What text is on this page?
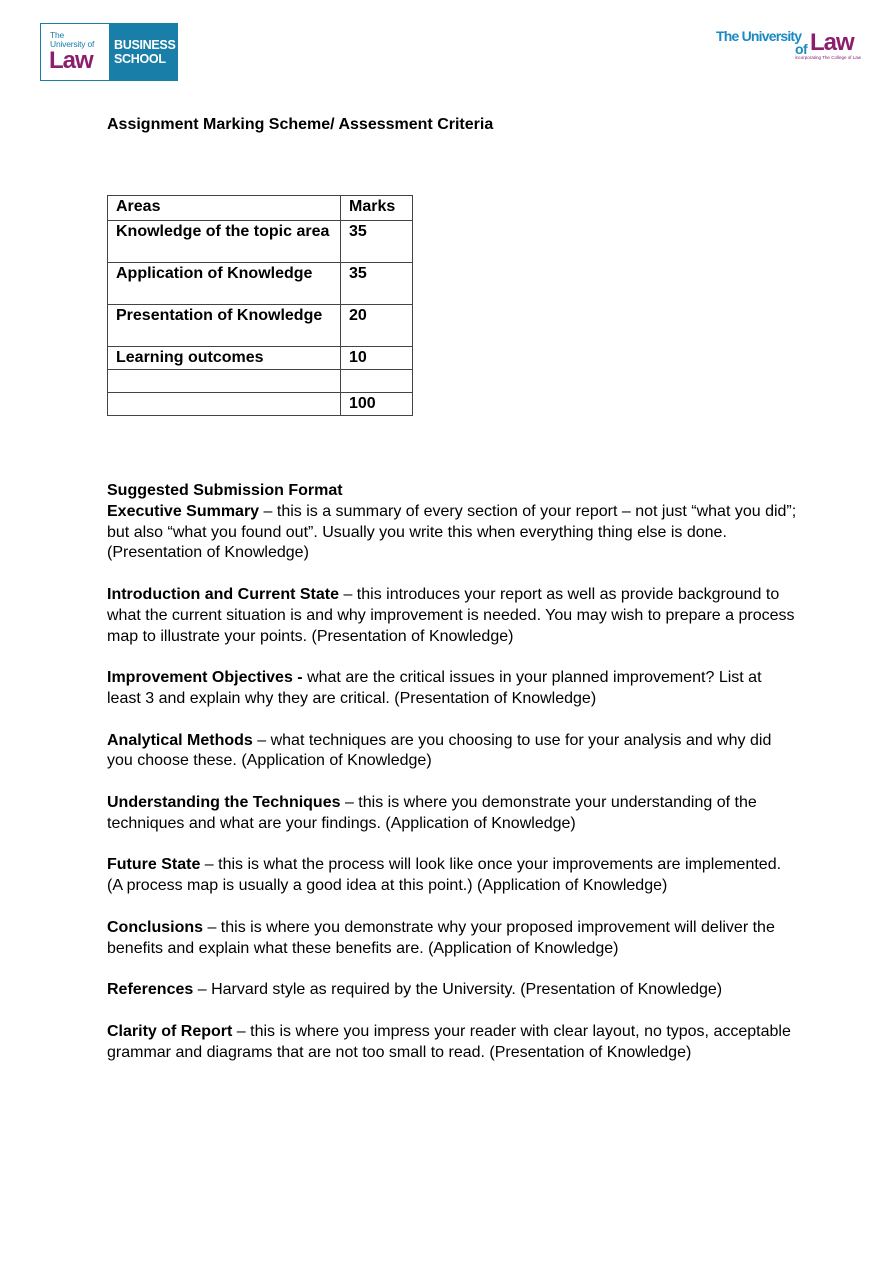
The
University of
Law
BUSINESS
SCHOOL
The University
of Law
incorporating The College of Law
Assignment Marking Scheme/ Assessment Criteria
Areas	Marks
Knowledge of the topic area	35
Application of Knowledge	35
Presentation of Knowledge	20
Learning outcomes	10

	100
Suggested Submission Format

Executive Summary – this is a summary of every section of your report – not just “what you did”; but also “what you found out”. Usually you write this when everything thing else is done. (Presentation of Knowledge)

Introduction and Current State – this introduces your report as well as provide background to what the current situation is and why improvement is needed. You may wish to prepare a process map to illustrate your points. (Presentation of Knowledge)

Improvement Objectives - what are the critical issues in your planned improvement? List at least 3 and explain why they are critical. (Presentation of Knowledge)

Analytical Methods – what techniques are you choosing to use for your analysis and why did you choose these. (Application of Knowledge)

Understanding the Techniques – this is where you demonstrate your understanding of the techniques and what are your findings. (Application of Knowledge)

Future State – this is what the process will look like once your improvements are implemented. (A process map is usually a good idea at this point.) (Application of Knowledge)

Conclusions – this is where you demonstrate why your proposed improvement will deliver the benefits and explain what these benefits are. (Application of Knowledge)

References – Harvard style as required by the University. (Presentation of Knowledge)

Clarity of Report – this is where you impress your reader with clear layout, no typos, acceptable grammar and diagrams that are not too small to read. (Presentation of Knowledge)
